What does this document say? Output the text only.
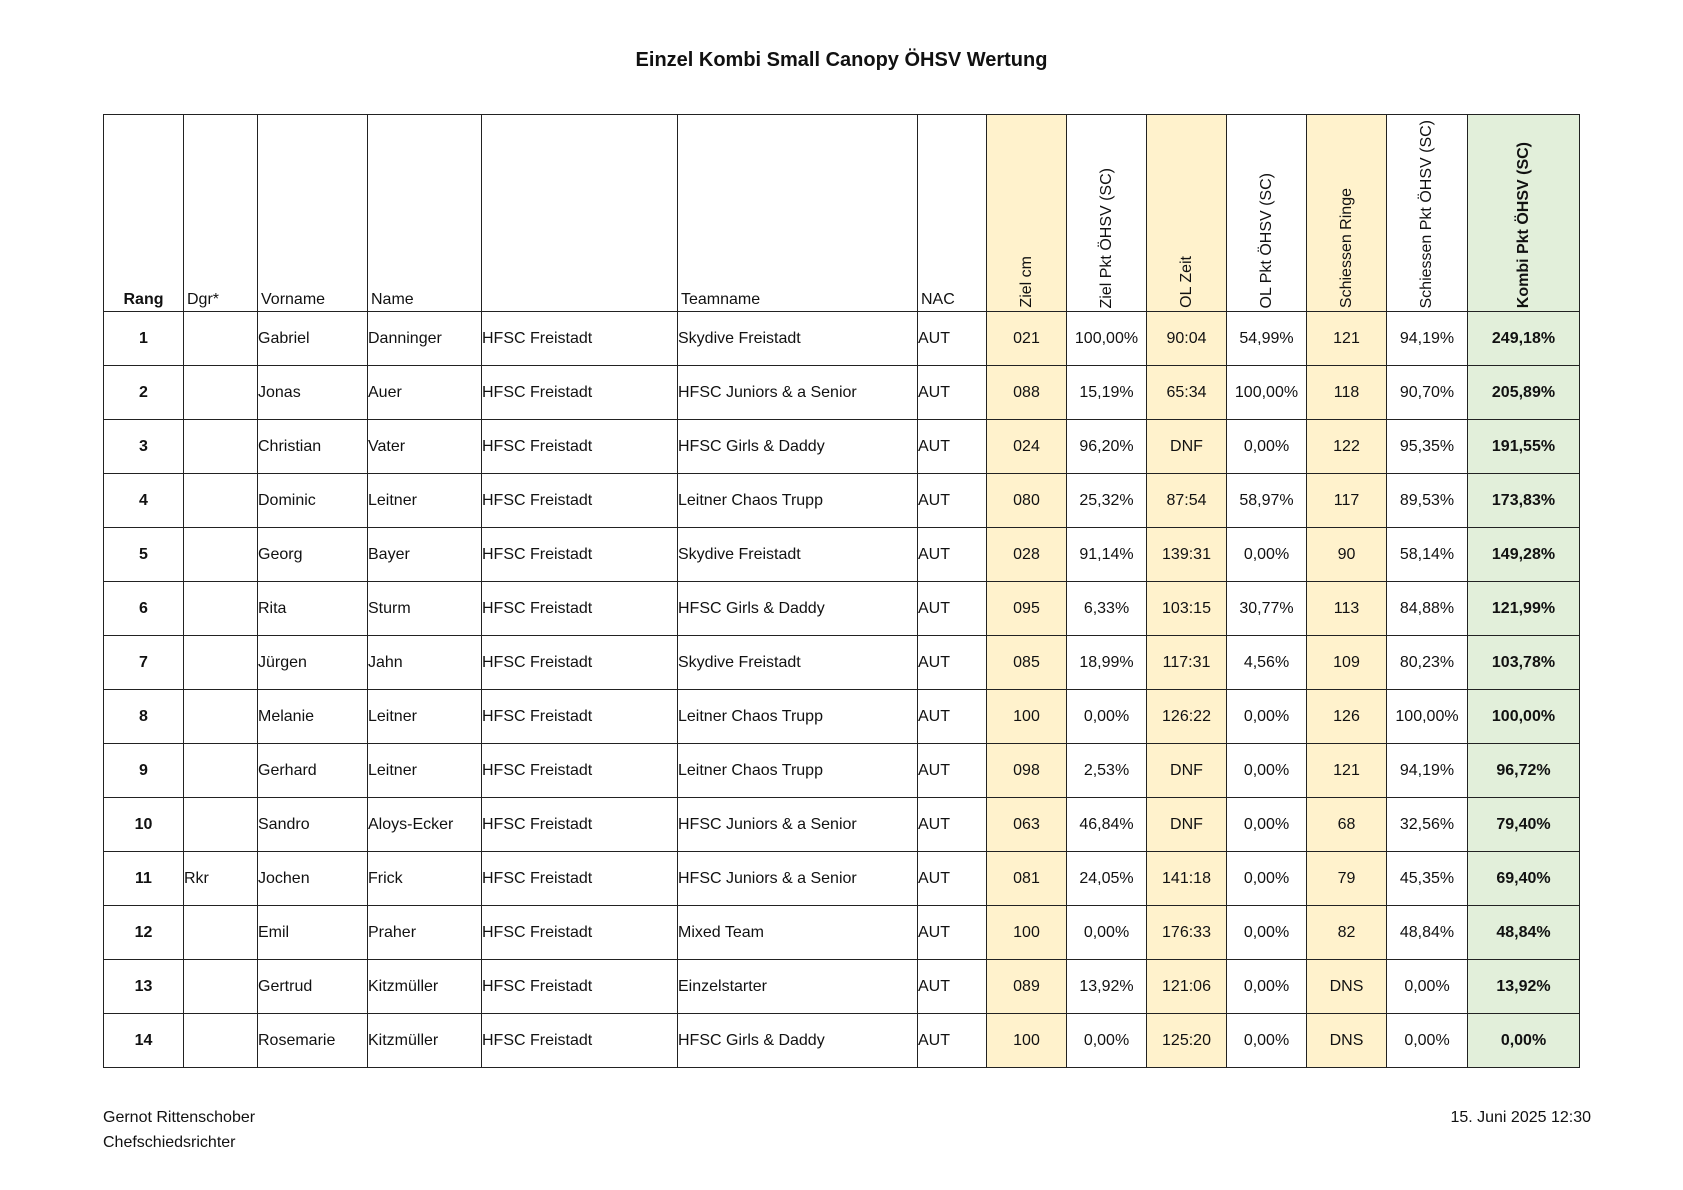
Einzel Kombi Small Canopy ÖHSV Wertung
Rang	Dgr*	Vorname	Name		Teamname	NAC	Ziel cm	Ziel Pkt ÖHSV (SC)	OL Zeit	OL Pkt ÖHSV (SC)	Schiessen Ringe	Schiessen Pkt ÖHSV (SC)	Kombi Pkt ÖHSV (SC)

1		Gabriel	Danninger	HFSC Freistadt	Skydive Freistadt	AUT	021	100,00%	90:04	54,99%	121	94,19%	249,18%
2		Jonas	Auer	HFSC Freistadt	HFSC Juniors & a Senior	AUT	088	15,19%	65:34	100,00%	118	90,70%	205,89%
3		Christian	Vater	HFSC Freistadt	HFSC Girls & Daddy	AUT	024	96,20%	DNF	0,00%	122	95,35%	191,55%
4		Dominic	Leitner	HFSC Freistadt	Leitner Chaos Trupp	AUT	080	25,32%	87:54	58,97%	117	89,53%	173,83%
5		Georg	Bayer	HFSC Freistadt	Skydive Freistadt	AUT	028	91,14%	139:31	0,00%	90	58,14%	149,28%
6		Rita	Sturm	HFSC Freistadt	HFSC Girls & Daddy	AUT	095	6,33%	103:15	30,77%	113	84,88%	121,99%
7		Jürgen	Jahn	HFSC Freistadt	Skydive Freistadt	AUT	085	18,99%	117:31	4,56%	109	80,23%	103,78%
8		Melanie	Leitner	HFSC Freistadt	Leitner Chaos Trupp	AUT	100	0,00%	126:22	0,00%	126	100,00%	100,00%
9		Gerhard	Leitner	HFSC Freistadt	Leitner Chaos Trupp	AUT	098	2,53%	DNF	0,00%	121	94,19%	96,72%
10		Sandro	Aloys-Ecker	HFSC Freistadt	HFSC Juniors & a Senior	AUT	063	46,84%	DNF	0,00%	68	32,56%	79,40%
11	Rkr	Jochen	Frick	HFSC Freistadt	HFSC Juniors & a Senior	AUT	081	24,05%	141:18	0,00%	79	45,35%	69,40%
12		Emil	Praher	HFSC Freistadt	Mixed Team	AUT	100	0,00%	176:33	0,00%	82	48,84%	48,84%
13		Gertrud	Kitzmüller	HFSC Freistadt	Einzelstarter	AUT	089	13,92%	121:06	0,00%	DNS	0,00%	13,92%
14		Rosemarie	Kitzmüller	HFSC Freistadt	HFSC Girls & Daddy	AUT	100	0,00%	125:20	0,00%	DNS	0,00%	0,00%
Gernot Rittenschober
Chefschiedsrichter
15. Juni 2025 12:30
